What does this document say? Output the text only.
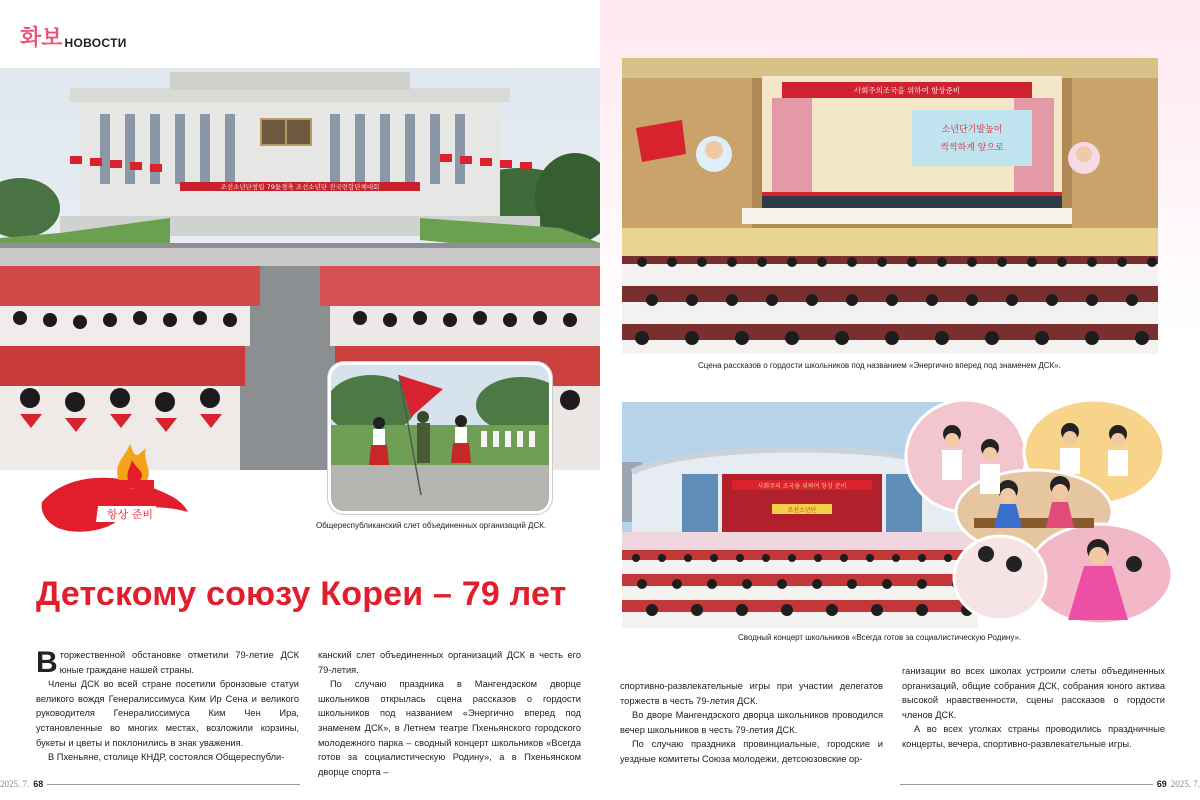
화보 НОВОСТИ
조선소년단창립 79돐경축 조선소년단 전국련합단체대회
항상 준비
Общереспубликанский слет объединенных организаций ДСК.
Детскому союзу Кореи – 79 лет

Вторжественной обстановке отметили 79-летие ДСК юные граждане нашей страны.

Члены ДСК во всей стране посетили бронзовые статуи великого вождя Генералиссимуса Ким Ир Сена и великого руководителя Генералиссимуса Ким Чен Ира, установленные во многих местах, возложили корзины, букеты и цветы и поклонились в знак уважения.

В Пхеньяне, столице КНДР, состоялся Общереспубли-

канский слет объединенных организаций ДСК в честь его 79-летия.

По случаю праздника в Мангендэском дворце школьников открылась сцена рассказов о гордости школьников под названием «Энергично вперед под знаменем ДСК», в Летнем театре Пхеньянского городского молодежного парка – сводный концерт школьников «Всегда готов за социалистическую Родину», а в Пхеньянском дворце спорта –

2025. 7. 68
사회주의조국을 위하여 항상준비
소년단기발높이
씩씩하게 앞으로
Сцена рассказов о гордости школьников под названием «Энергично вперед под знаменем ДСК».
사회주의 조국을 위하여 항상 준비
조선소년단
Сводный концерт школьников «Всегда готов за социалистическую Родину».

спортивно-развлекательные игры при участии делегатов торжеств в честь 79-летия ДСК.

Во дворе Мангендэского дворца школьников проводился вечер школьников в честь 79-летия ДСК.

По случаю праздника провинциальные, городские и уездные комитеты Союза молодежи, детсоюзовские ор-

ганизации во всех школах устроили слеты объединенных организаций, общие собрания ДСК, собрания юного актива высокой нравственности, сцены рассказов о гордости членов ДСК.

А во всех уголках страны проводились праздничные концерты, вечера, спортивно-развлекательные игры.

69 2025. 7.
